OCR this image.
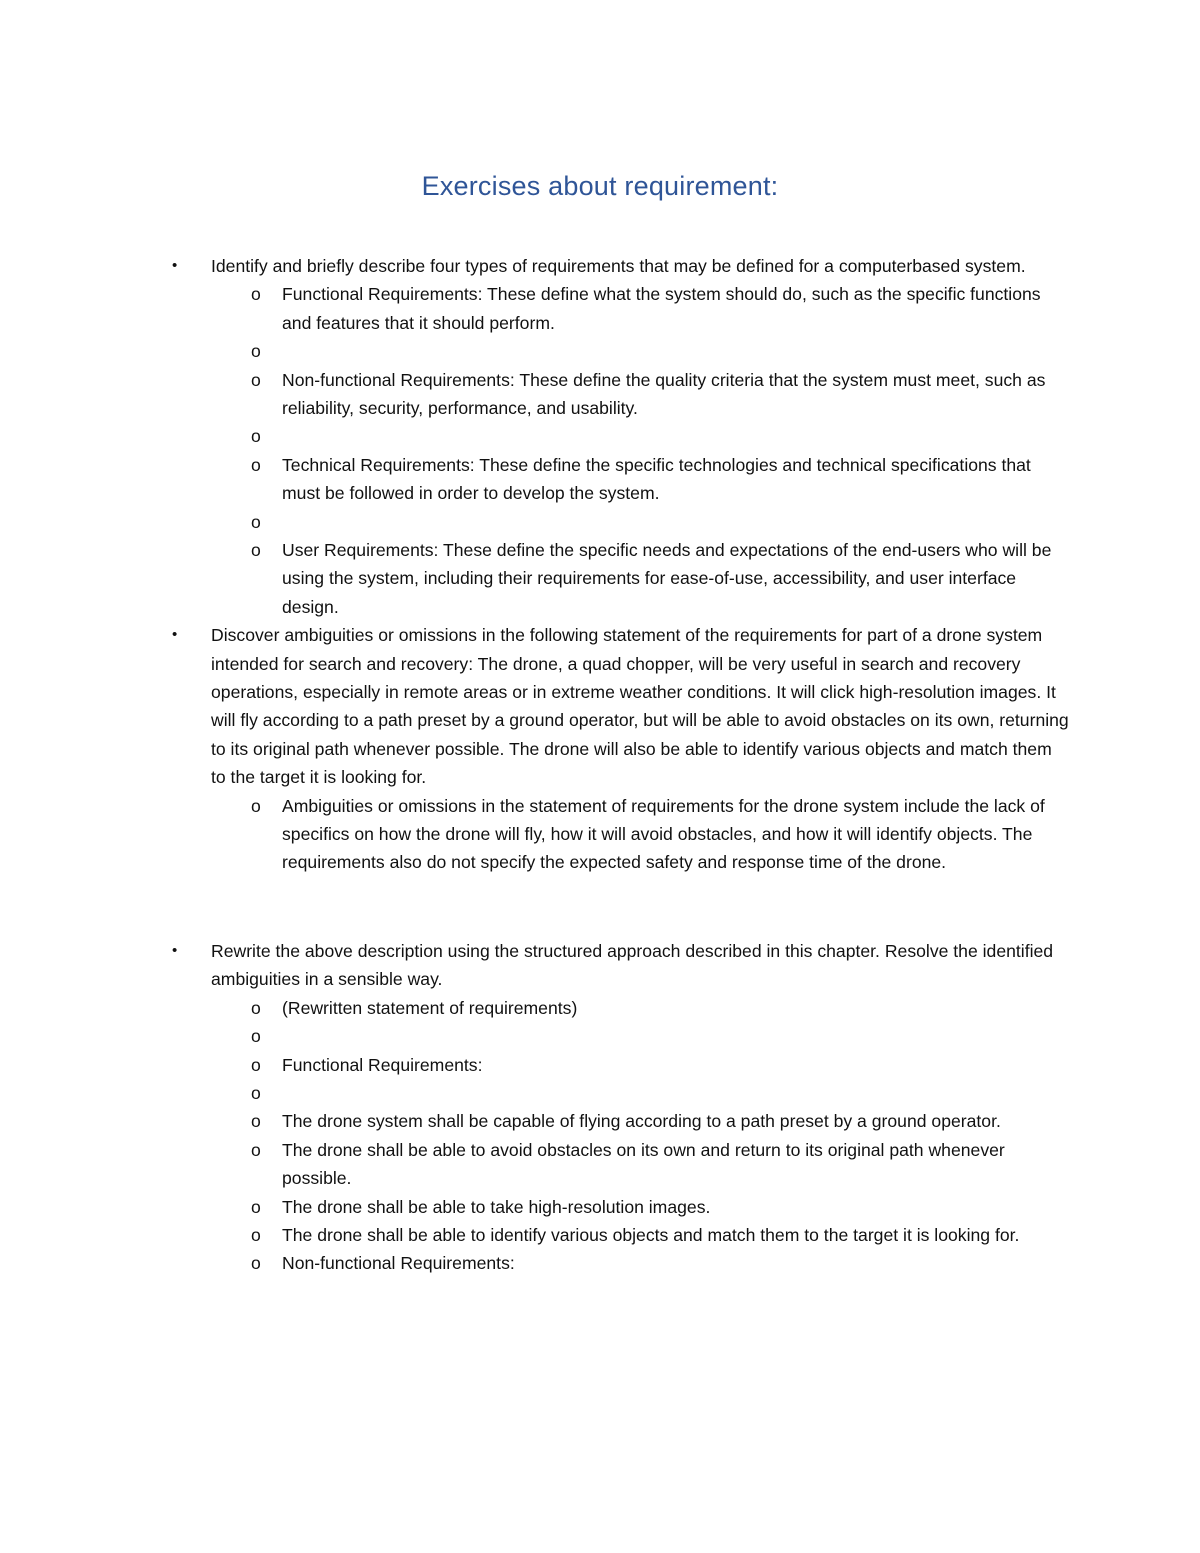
Exercises about requirement:
• Identify and briefly describe four types of requirements that may be defined for a computerbased system.
o Functional Requirements: These define what the system should do, such as the specific functions and features that it should perform.
o
o Non-functional Requirements: These define the quality criteria that the system must meet, such as reliability, security, performance, and usability.
o
o Technical Requirements: These define the specific technologies and technical specifications that must be followed in order to develop the system.
o
o User Requirements: These define the specific needs and expectations of the end-users who will be using the system, including their requirements for ease-of-use, accessibility, and user interface design.
• Discover ambiguities or omissions in the following statement of the requirements for part of a drone system intended for search and recovery: The drone, a quad chopper, will be very useful in search and recovery operations, especially in remote areas or in extreme weather conditions. It will click high-resolution images. It will fly according to a path preset by a ground operator, but will be able to avoid obstacles on its own, returning to its original path whenever possible. The drone will also be able to identify various objects and match them to the target it is looking for.
o Ambiguities or omissions in the statement of requirements for the drone system include the lack of specifics on how the drone will fly, how it will avoid obstacles, and how it will identify objects. The requirements also do not specify the expected safety and response time of the drone.
• Rewrite the above description using the structured approach described in this chapter. Resolve the identified ambiguities in a sensible way.
o (Rewritten statement of requirements)
o
o Functional Requirements:
o
o The drone system shall be capable of flying according to a path preset by a ground operator.
o The drone shall be able to avoid obstacles on its own and return to its original path whenever possible.
o The drone shall be able to take high-resolution images.
o The drone shall be able to identify various objects and match them to the target it is looking for.
o Non-functional Requirements:
